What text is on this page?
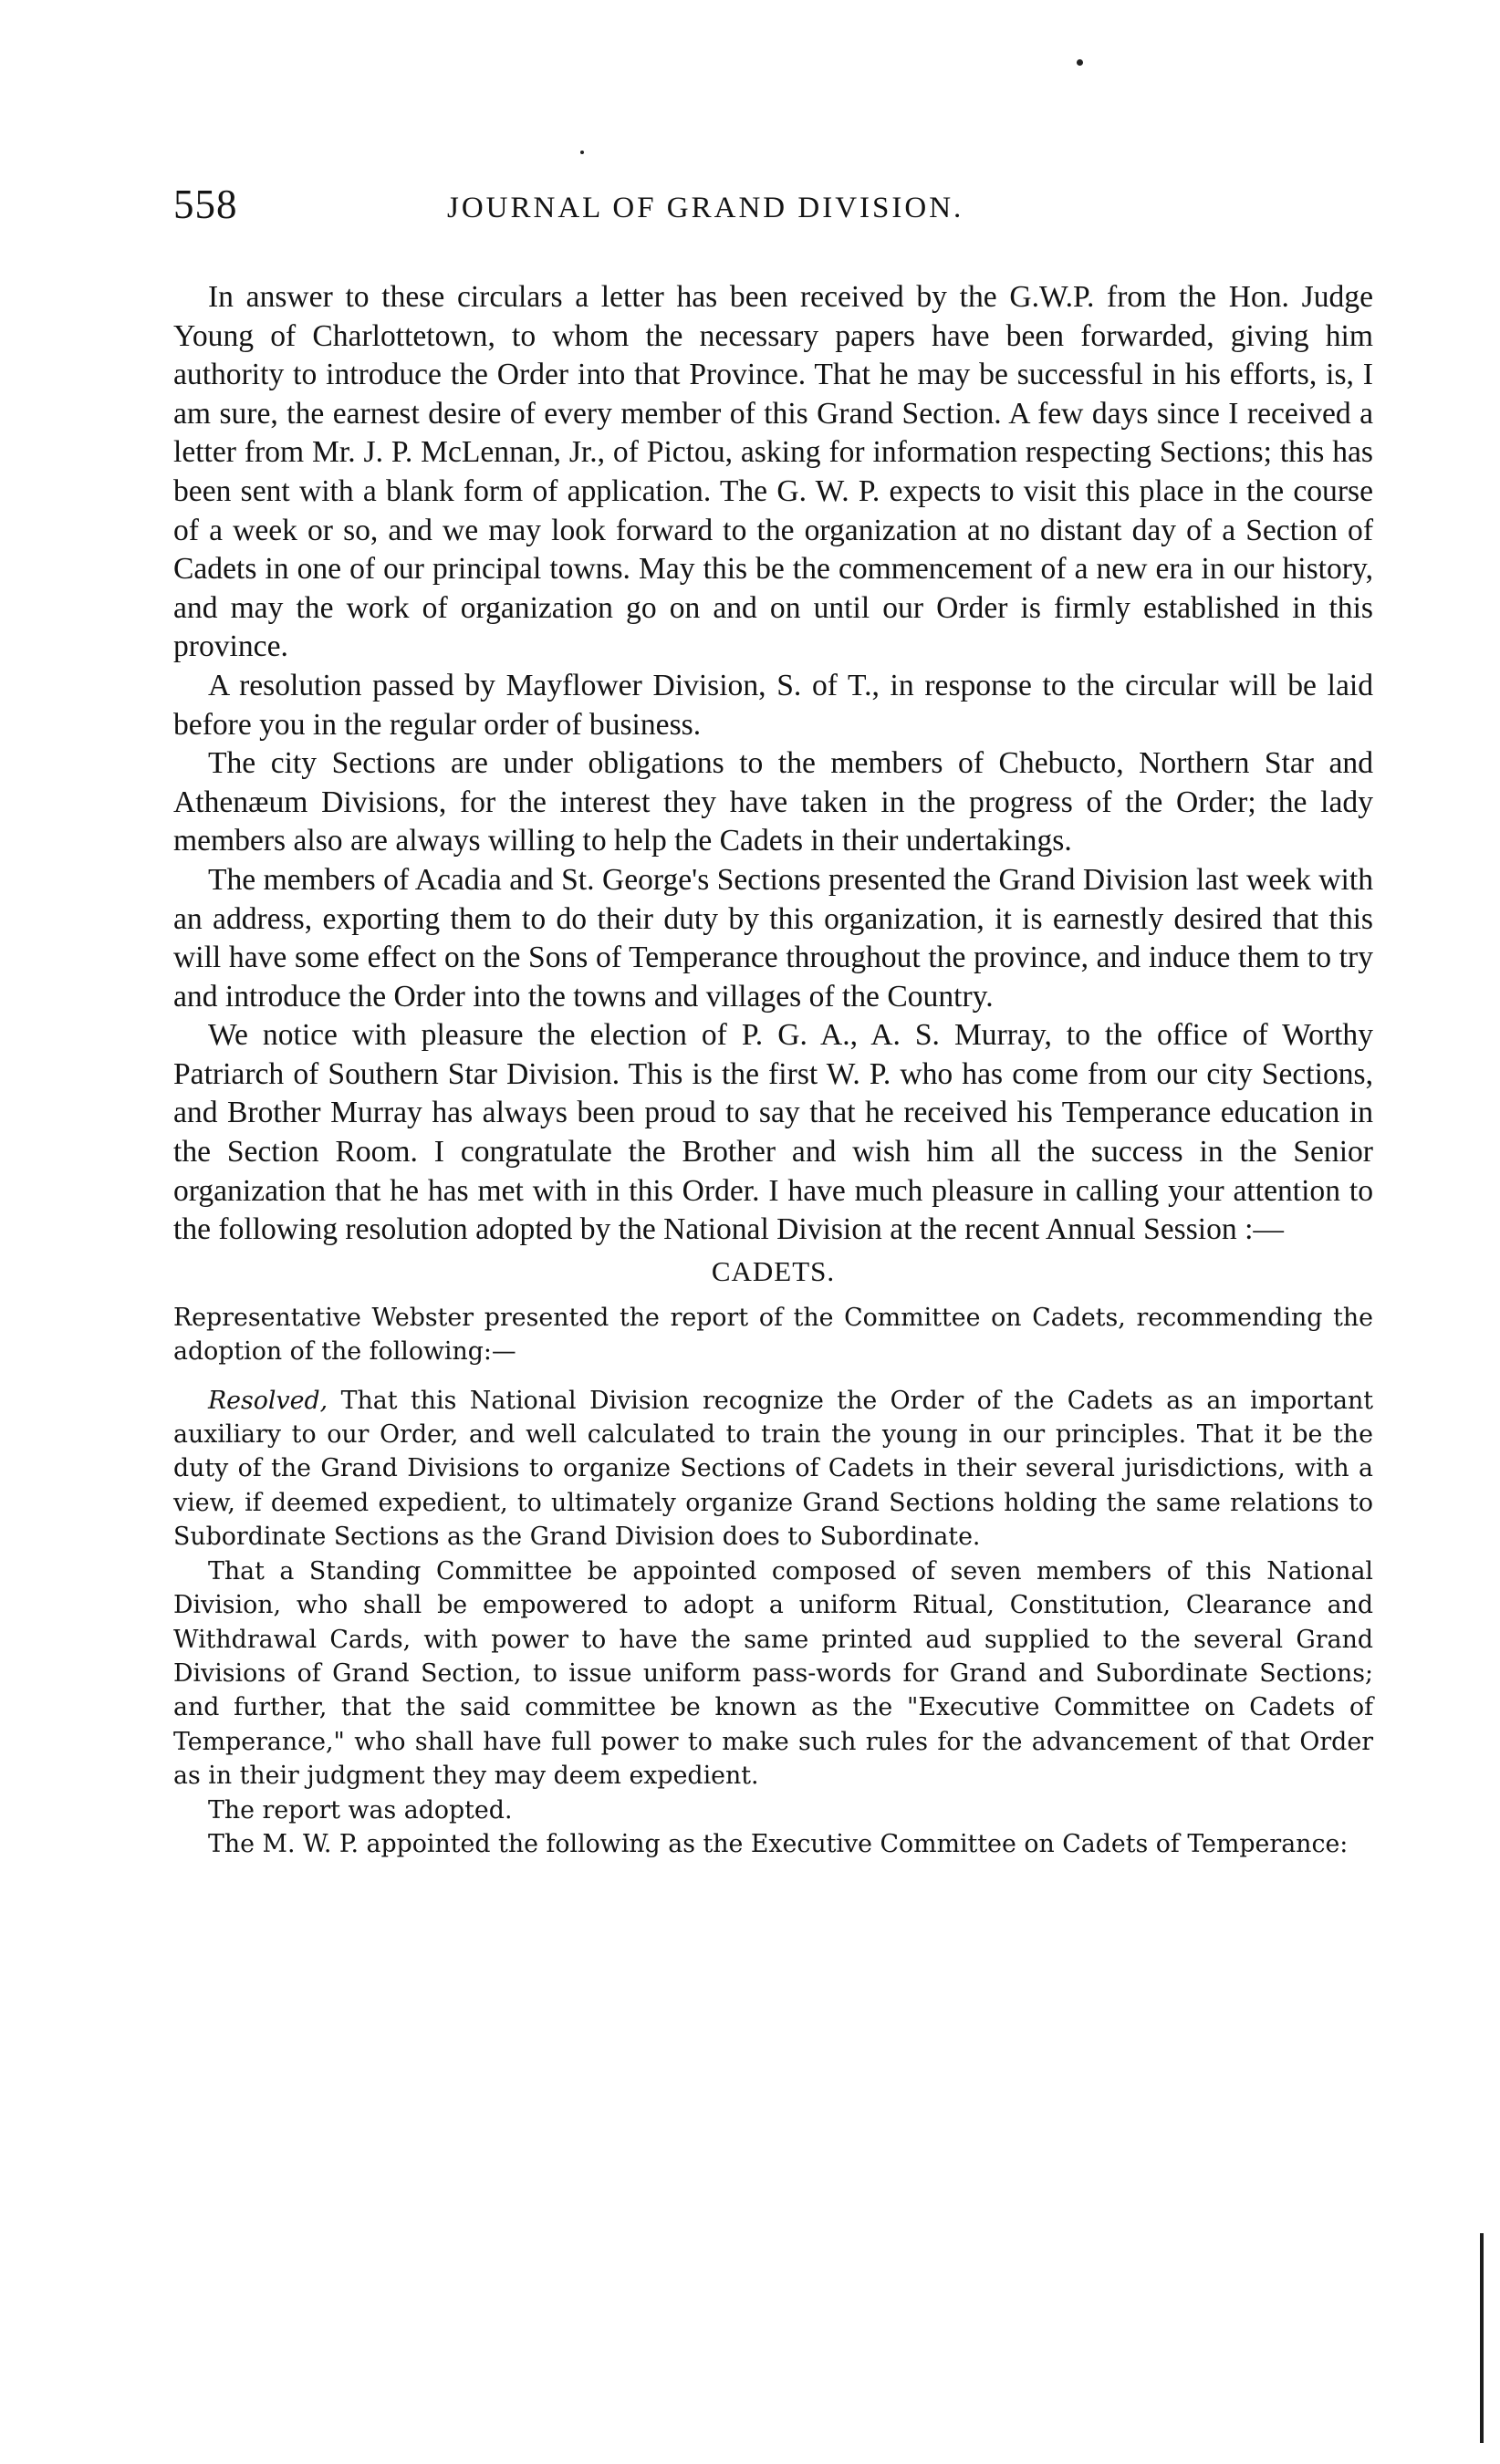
558	JOURNAL OF GRAND DIVISION.

In answer to these circulars a letter has been received by the G.W.P. from the Hon. Judge Young of Charlottetown, to whom the necessary papers have been forwarded, giving him authority to introduce the Order into that Province. That he may be successful in his efforts, is, I am sure, the earnest desire of every member of this Grand Section. A few days since I received a letter from Mr. J. P. McLennan, Jr., of Pictou, asking for information respecting Sections; this has been sent with a blank form of application. The G. W. P. expects to visit this place in the course of a week or so, and we may look forward to the organization at no distant day of a Section of Cadets in one of our principal towns. May this be the commencement of a new era in our history, and may the work of organization go on and on until our Order is firmly established in this province.

A resolution passed by Mayflower Division, S. of T., in response to the circular will be laid before you in the regular order of business.

The city Sections are under obligations to the members of Chebucto, Northern Star and Athenæum Divisions, for the interest they have taken in the progress of the Order; the lady members also are always willing to help the Cadets in their undertakings.

The members of Acadia and St. George's Sections presented the Grand Division last week with an address, exporting them to do their duty by this organization, it is earnestly desired that this will have some effect on the Sons of Temperance throughout the province, and induce them to try and introduce the Order into the towns and villages of the Country.

We notice with pleasure the election of P. G. A., A. S. Murray, to the office of Worthy Patriarch of Southern Star Division. This is the first W. P. who has come from our city Sections, and Brother Murray has always been proud to say that he received his Temperance education in the Section Room. I congratulate the Brother and wish him all the success in the Senior organization that he has met with in this Order. I have much pleasure in calling your attention to the following resolution adopted by the National Division at the recent Annual Session :—

CADETS.

Representative Webster presented the report of the Committee on Cadets, recommending the adoption of the following:—

Resolved, That this National Division recognize the Order of the Cadets as an important auxiliary to our Order, and well calculated to train the young in our principles. That it be the duty of the Grand Divisions to organize Sections of Cadets in their several jurisdictions, with a view, if deemed expedient, to ultimately organize Grand Sections holding the same relations to Subordinate Sections as the Grand Division does to Subordinate.

That a Standing Committee be appointed composed of seven members of this National Division, who shall be empowered to adopt a uniform Ritual, Constitution, Clearance and Withdrawal Cards, with power to have the same printed aud supplied to the several Grand Divisions of Grand Section, to issue uniform pass-words for Grand and Subordinate Sections; and further, that the said committee be known as the "Executive Committee on Cadets of Temperance," who shall have full power to make such rules for the advancement of that Order as in their judgment they may deem expedient.

The report was adopted.

The M. W. P. appointed the following as the Executive Committee on Cadets of Temperance:
